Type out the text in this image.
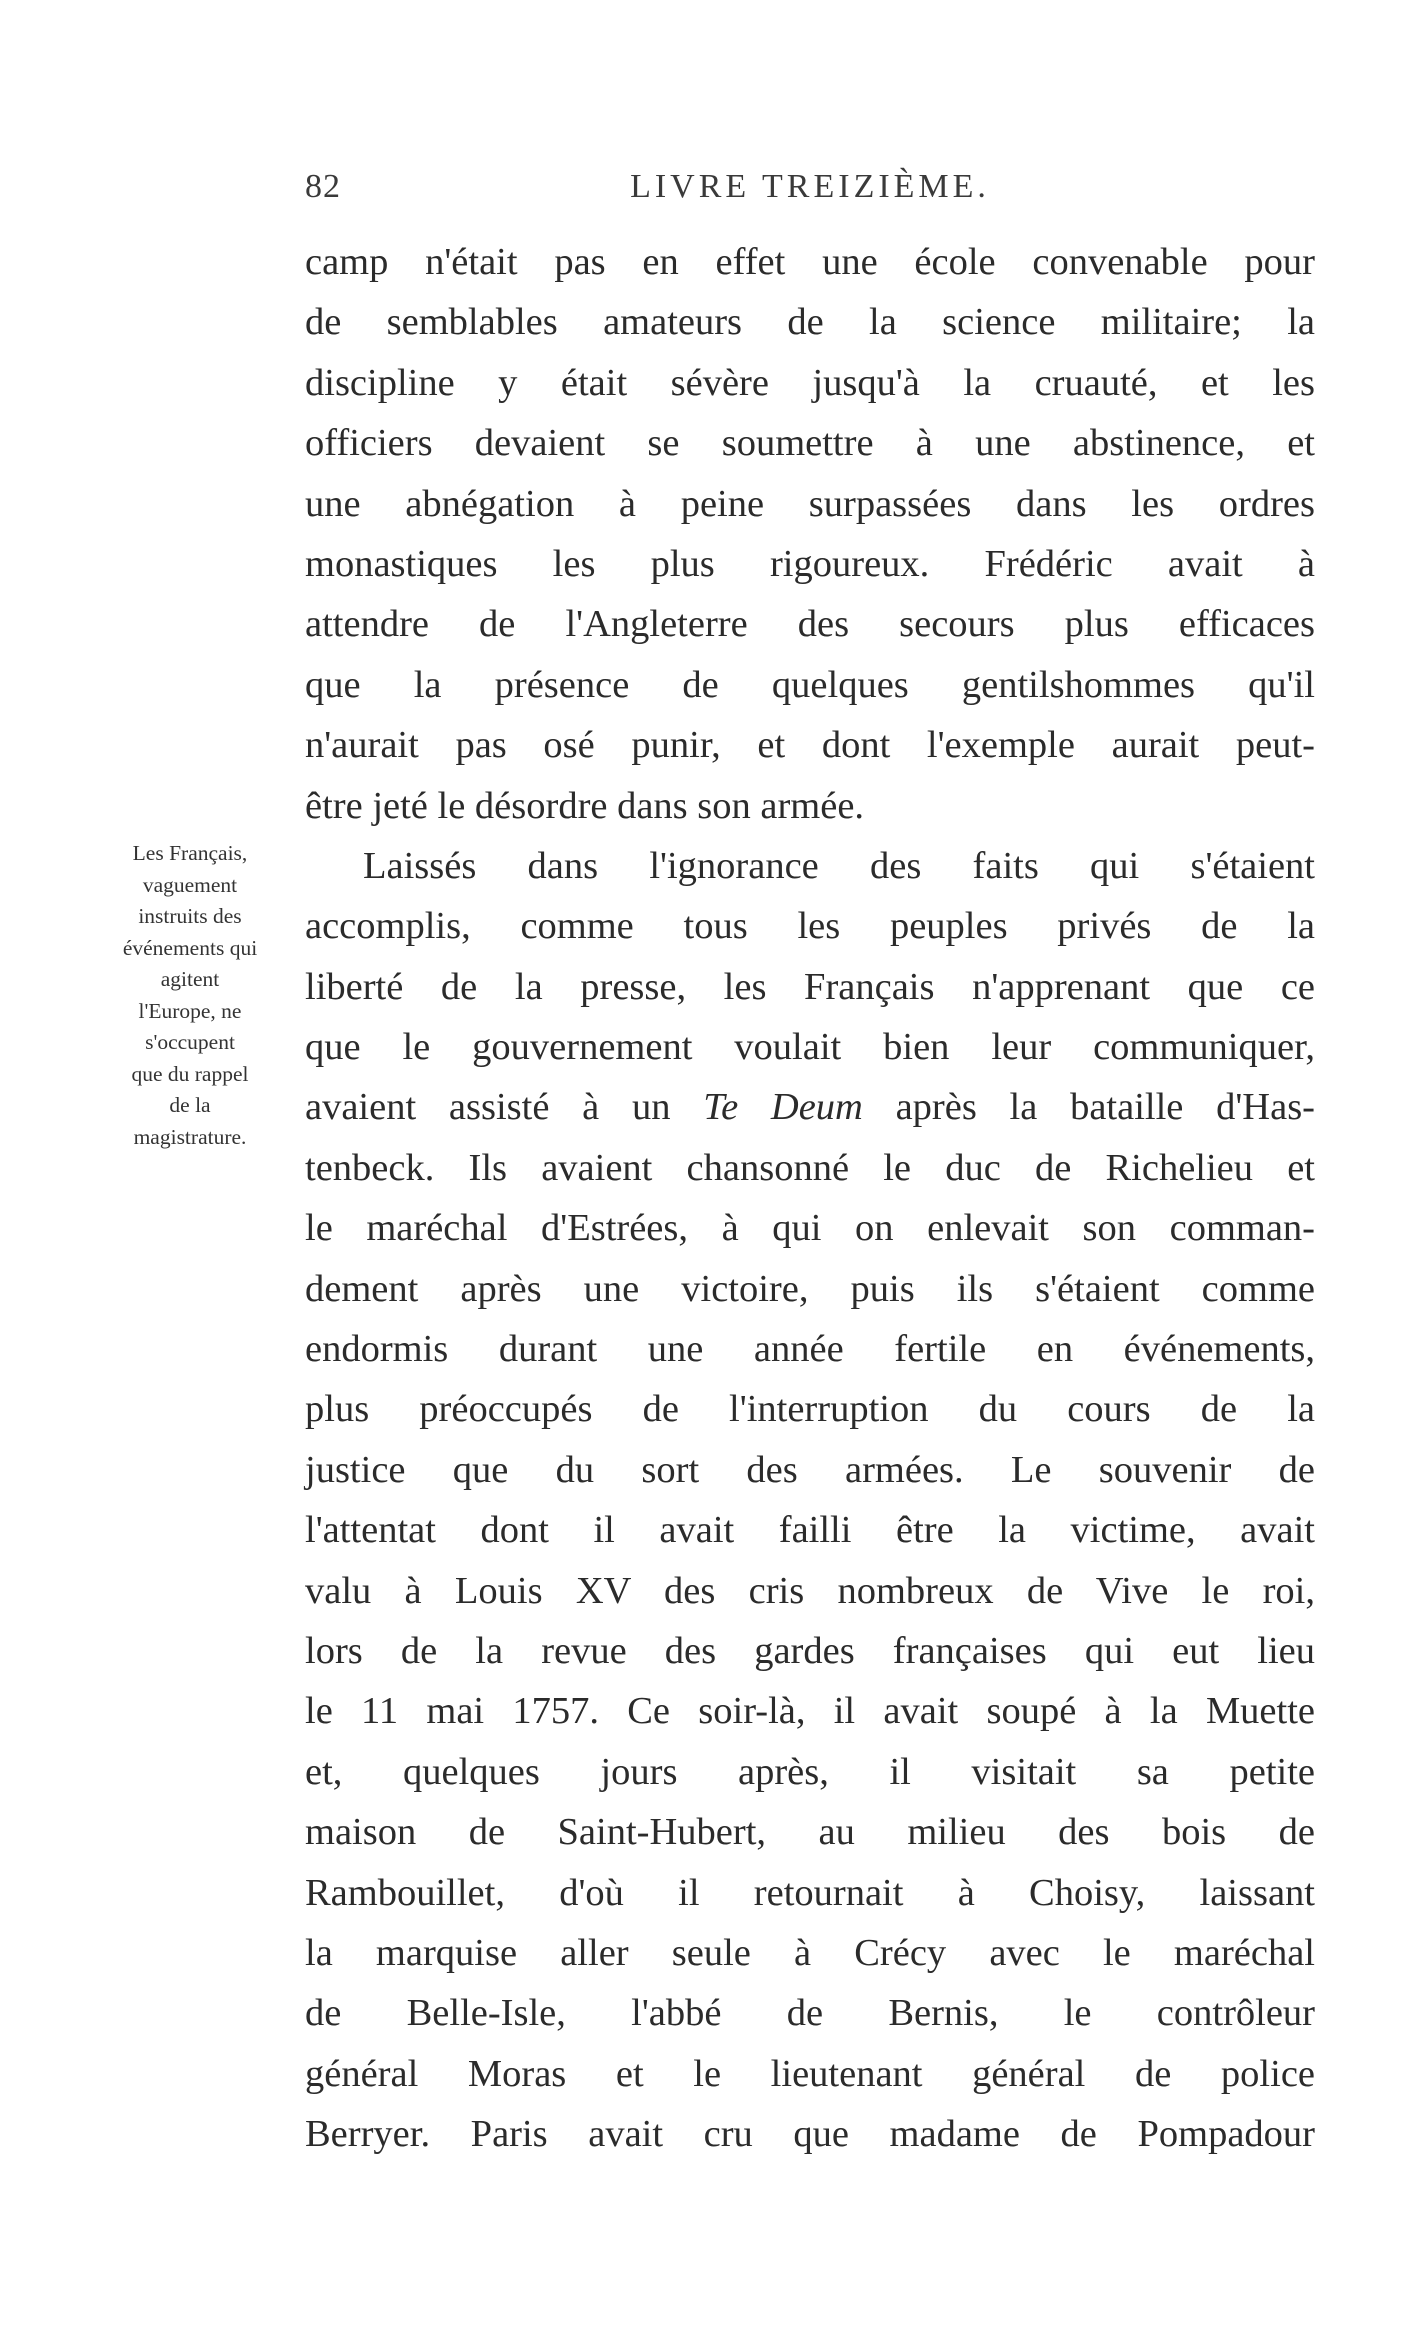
82	LIVRE TREIZIÈME.
Les Français,
vaguement
instruits des
événements qui
agitent
l'Europe, ne
s'occupent
que du rappel
de la
magistrature.
camp n'était pas en effet une école convenable pour
de semblables amateurs de la science militaire; la
discipline y était sévère jusqu'à la cruauté, et les
officiers devaient se soumettre à une abstinence, et
une abnégation à peine surpassées dans les ordres
monastiques les plus rigoureux. Frédéric avait à
attendre de l'Angleterre des secours plus efficaces
que la présence de quelques gentilshommes qu'il
n'aurait pas osé punir, et dont l'exemple aurait peut-
être jeté le désordre dans son armée.
Laissés dans l'ignorance des faits qui s'étaient
accomplis, comme tous les peuples privés de la
liberté de la presse, les Français n'apprenant que ce
que le gouvernement voulait bien leur communiquer,
avaient assisté à un Te Deum après la bataille d'Has-
tenbeck. Ils avaient chansonné le duc de Richelieu et
le maréchal d'Estrées, à qui on enlevait son comman-
dement après une victoire, puis ils s'étaient comme
endormis durant une année fertile en événements,
plus préoccupés de l'interruption du cours de la
justice que du sort des armées. Le souvenir de
l'attentat dont il avait failli être la victime, avait
valu à Louis XV des cris nombreux de Vive le roi,
lors de la revue des gardes françaises qui eut lieu
le 11 mai 1757. Ce soir-là, il avait soupé à la Muette
et, quelques jours après, il visitait sa petite
maison de Saint-Hubert, au milieu des bois de
Rambouillet, d'où il retournait à Choisy, laissant
la marquise aller seule à Crécy avec le maréchal
de Belle-Isle, l'abbé de Bernis, le contrôleur
général Moras et le lieutenant général de police
Berryer. Paris avait cru que madame de Pompadour
